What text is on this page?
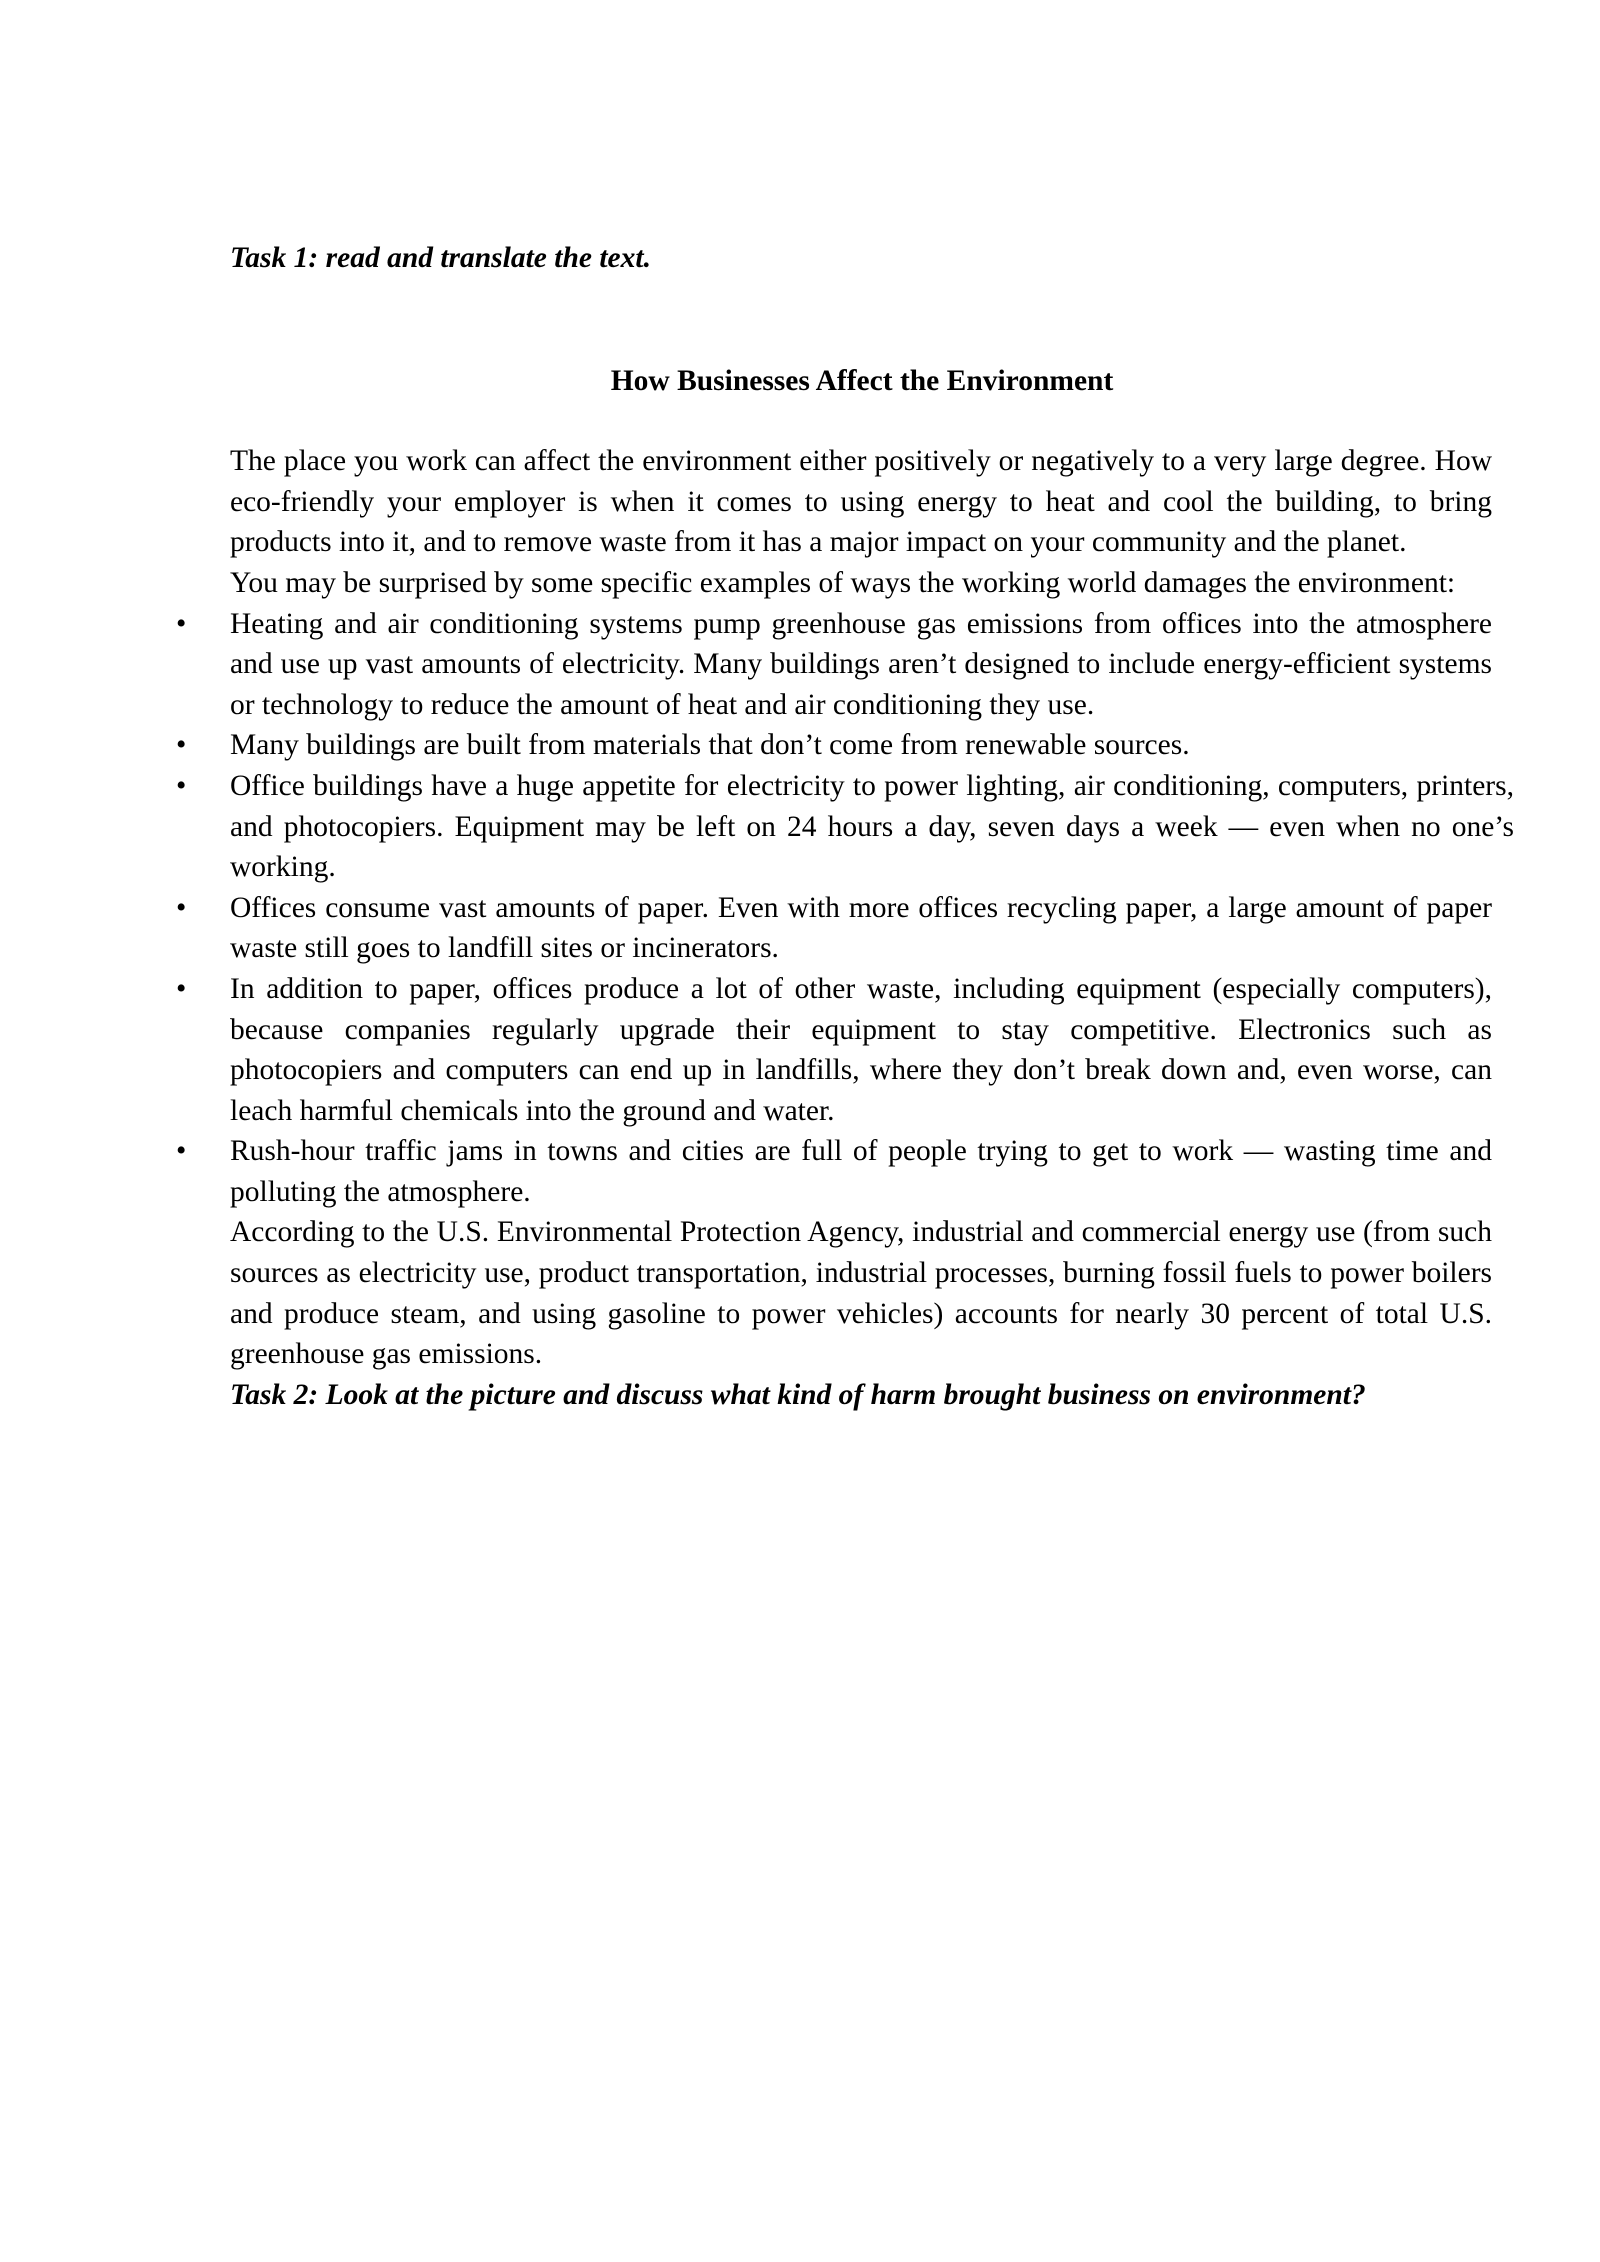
Task 1: read and translate the text.

How Businesses Affect the Environment

The place you work can affect the environment either positively or negatively to a very large degree. How eco-friendly your employer is when it comes to using energy to heat and cool the building, to bring products into it, and to remove waste from it has a major impact on your community and the planet.

You may be surprised by some specific examples of ways the working world damages the environment:

• Heating and air conditioning systems pump greenhouse gas emissions from offices into the atmosphere and use up vast amounts of electricity. Many buildings aren’t designed to include energy-efficient systems or technology to reduce the amount of heat and air conditioning they use.
• Many buildings are built from materials that don’t come from renewable sources.
• Office buildings have a huge appetite for electricity to power lighting, air conditioning, computers, printers, and photocopiers. Equipment may be left on 24 hours a day, seven days a week — even when no one’s working.
• Offices consume vast amounts of paper. Even with more offices recycling paper, a large amount of paper waste still goes to landfill sites or incinerators.
• In addition to paper, offices produce a lot of other waste, including equipment (especially computers), because companies regularly upgrade their equipment to stay competitive. Electronics such as photocopiers and computers can end up in landfills, where they don’t break down and, even worse, can leach harmful chemicals into the ground and water.
• Rush-hour traffic jams in towns and cities are full of people trying to get to work — wasting time and polluting the atmosphere.

According to the U.S. Environmental Protection Agency, industrial and commercial energy use (from such sources as electricity use, product transportation, industrial processes, burning fossil fuels to power boilers and produce steam, and using gasoline to power vehicles) accounts for nearly 30 percent of total U.S. greenhouse gas emissions.

Task 2: Look at the picture and discuss what kind of harm brought business on environment?
